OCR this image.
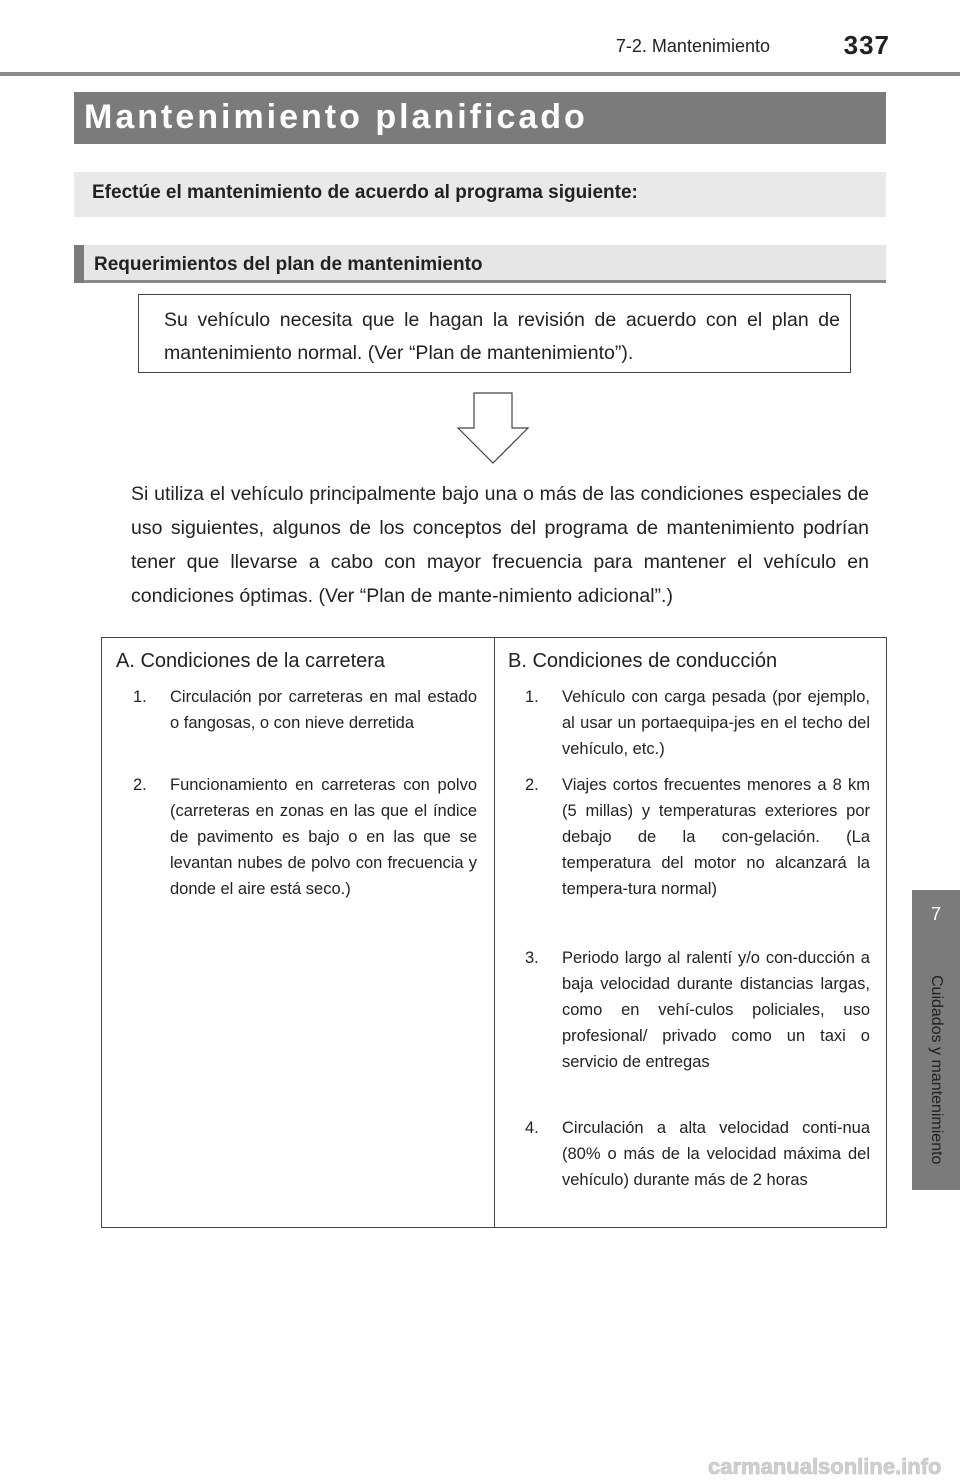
7-2. Mantenimiento	337
7
Cuidados y mantenimiento
Mantenimiento planificado
Efectúe el mantenimiento de acuerdo al programa siguiente:
Requerimientos del plan de mantenimiento
Su vehículo necesita que le hagan la revisión de acuerdo con el plan de mantenimiento normal. (Ver “Plan de mantenimiento”).
Si utiliza el vehículo principalmente bajo una o más de las condiciones especiales de uso siguientes, algunos de los conceptos del programa de mantenimiento podrían tener que llevarse a cabo con mayor frecuencia para mantener el vehículo en condiciones óptimas. (Ver “Plan de mante-nimiento adicional”.)
A. Condiciones de la carretera	B. Condiciones de conducción
1. Circulación por carreteras en mal estado o fangosas, o con nieve derretida
2. Funcionamiento en carreteras con polvo (carreteras en zonas en las que el índice de pavimento es bajo o en las que se levantan nubes de polvo con frecuencia y donde el aire está seco.)
1. Vehículo con carga pesada (por ejemplo, al usar un portaequipa-jes en el techo del vehículo, etc.)
2. Viajes cortos frecuentes menores a 8 km (5 millas) y temperaturas exteriores por debajo de la con-gelación. (La temperatura del motor no alcanzará la tempera-tura normal)
3. Periodo largo al ralentí y/o con-ducción a baja velocidad durante distancias largas, como en vehí-culos policiales, uso profesional/ privado como un taxi o servicio de entregas
4. Circulación a alta velocidad conti-nua (80% o más de la velocidad máxima del vehículo) durante más de 2 horas
carmanualsonline.info
